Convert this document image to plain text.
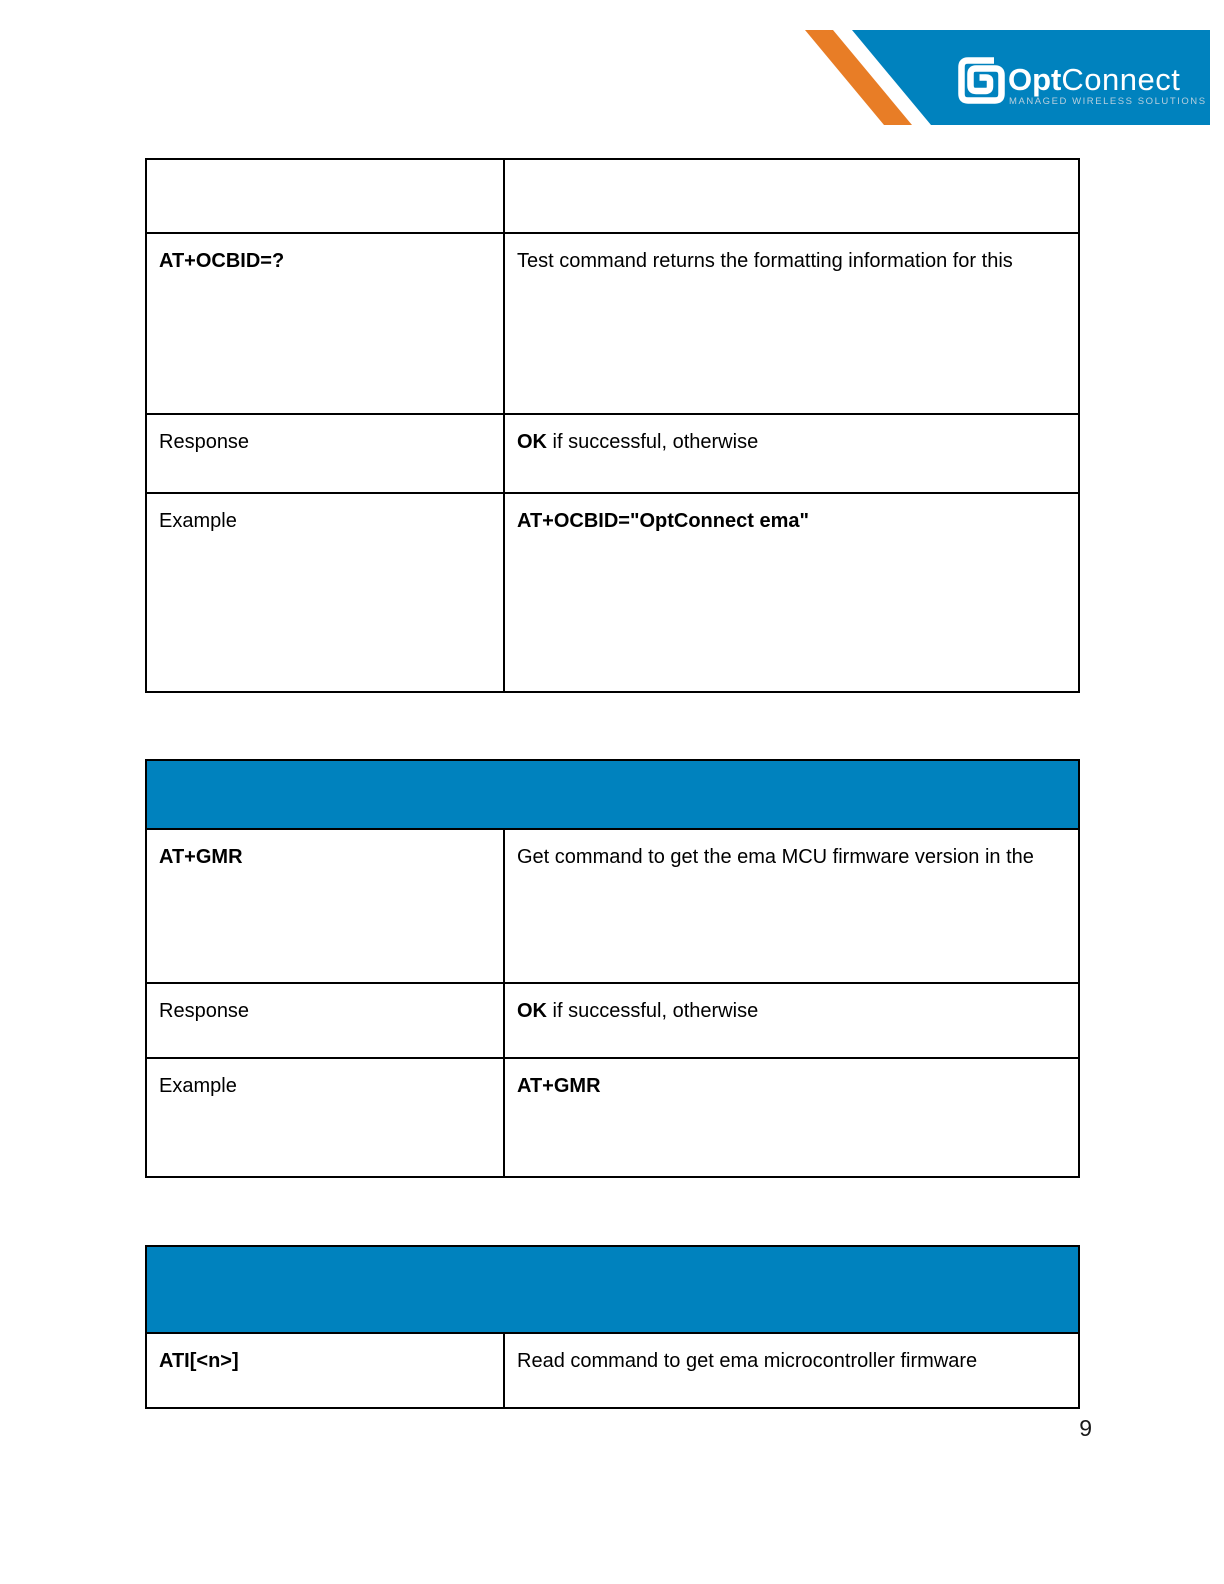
OptConnect
MANAGED WIRELESS SOLUTIONS
AT+OCBID=?	Test command returns the formatting information for this
Response	OK if successful, otherwise
Example	AT+OCBID="OptConnect ema"
AT+GMR	Get command to get the ema MCU firmware version in the
Response	OK if successful, otherwise
Example	AT+GMR
ATI[<n>]	Read command to get ema microcontroller firmware
9
